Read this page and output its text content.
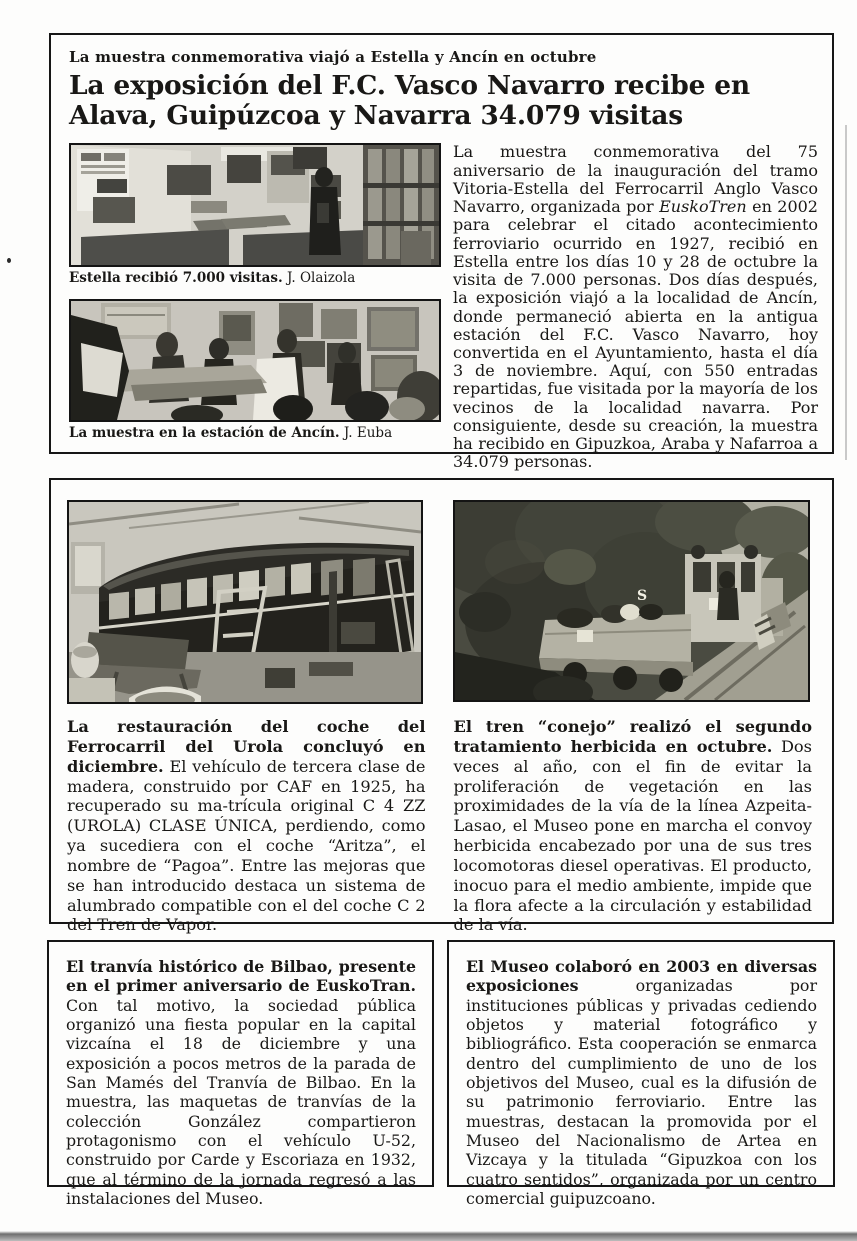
La muestra conmemorativa viajó a Estella y Ancín en octubre
La exposición del F.C. Vasco Navarro recibe en Alava, Guipúzcoa y Navarra 34.079 visitas
Estella recibió 7.000 visitas. J. Olaizola
La muestra en la estación de Ancín. J. Euba
La muestra conmemorativa del 75 aniversario de la inauguración del tramo Vitoria-Estella del Ferrocarril Anglo Vasco Navarro, organizada por EuskoTren en 2002 para celebrar el citado acontecimiento ferroviario ocurrido en 1927, recibió en Estella entre los días 10 y 28 de octubre la visita de 7.000 personas. Dos días después, la exposición viajó a la localidad de Ancín, donde permaneció abierta en la antigua estación del F.C. Vasco Navarro, hoy convertida en el Ayuntamiento, hasta el día 3 de noviembre. Aquí, con 550 entradas repartidas, fue visitada por la mayoría de los vecinos de la localidad navarra. Por consiguiente, desde su creación, la muestra ha recibido en Gipuzkoa, Araba y Nafarroa a 34.079 personas.
S
La restauración del coche del Ferrocarril del Urola concluyó en diciembre. El vehículo de tercera clase de madera, construido por CAF en 1925, ha recuperado su ma-trícula original C 4 ZZ (UROLA) CLASE ÚNICA, perdiendo, como ya sucediera con el coche “Aritza”, el nombre de “Pagoa”. Entre las mejoras que se han introducido destaca un sistema de alumbrado compatible con el del coche C 2 del Tren de Vapor.
El tren “conejo” realizó el segundo tratamiento herbicida en octubre. Dos veces al año, con el fin de evitar la proliferación de vegetación en las proximidades de la vía de la línea Azpeita-Lasao, el Museo pone en marcha el convoy herbicida encabezado por una de sus tres locomotoras diesel operativas. El producto, inocuo para el medio ambiente, impide que la flora afecte a la circulación y estabilidad de la vía.
El tranvía histórico de Bilbao, presente en el primer aniversario de EuskoTran. Con tal motivo, la sociedad pública organizó una fiesta popular en la capital vizcaína el 18 de diciembre y una exposición a pocos metros de la parada de San Mamés del Tranvía de Bilbao. En la muestra, las maquetas de tranvías de la colección González compartieron protagonismo con el vehículo U-52, construido por Carde y Escoriaza en 1932, que al término de la jornada regresó a las instalaciones del Museo.
El Museo colaboró en 2003 en diversas exposiciones organizadas por instituciones públicas y privadas cediendo objetos y material fotográfico y bibliográfico. Esta cooperación se enmarca dentro del cumplimiento de uno de los objetivos del Museo, cual es la difusión de su patrimonio ferroviario. Entre las muestras, destacan la promovida por el Museo del Nacionalismo de Artea en Vizcaya y la titulada “Gipuzkoa con los cuatro sentidos”, organizada por un centro comercial guipuzcoano.
